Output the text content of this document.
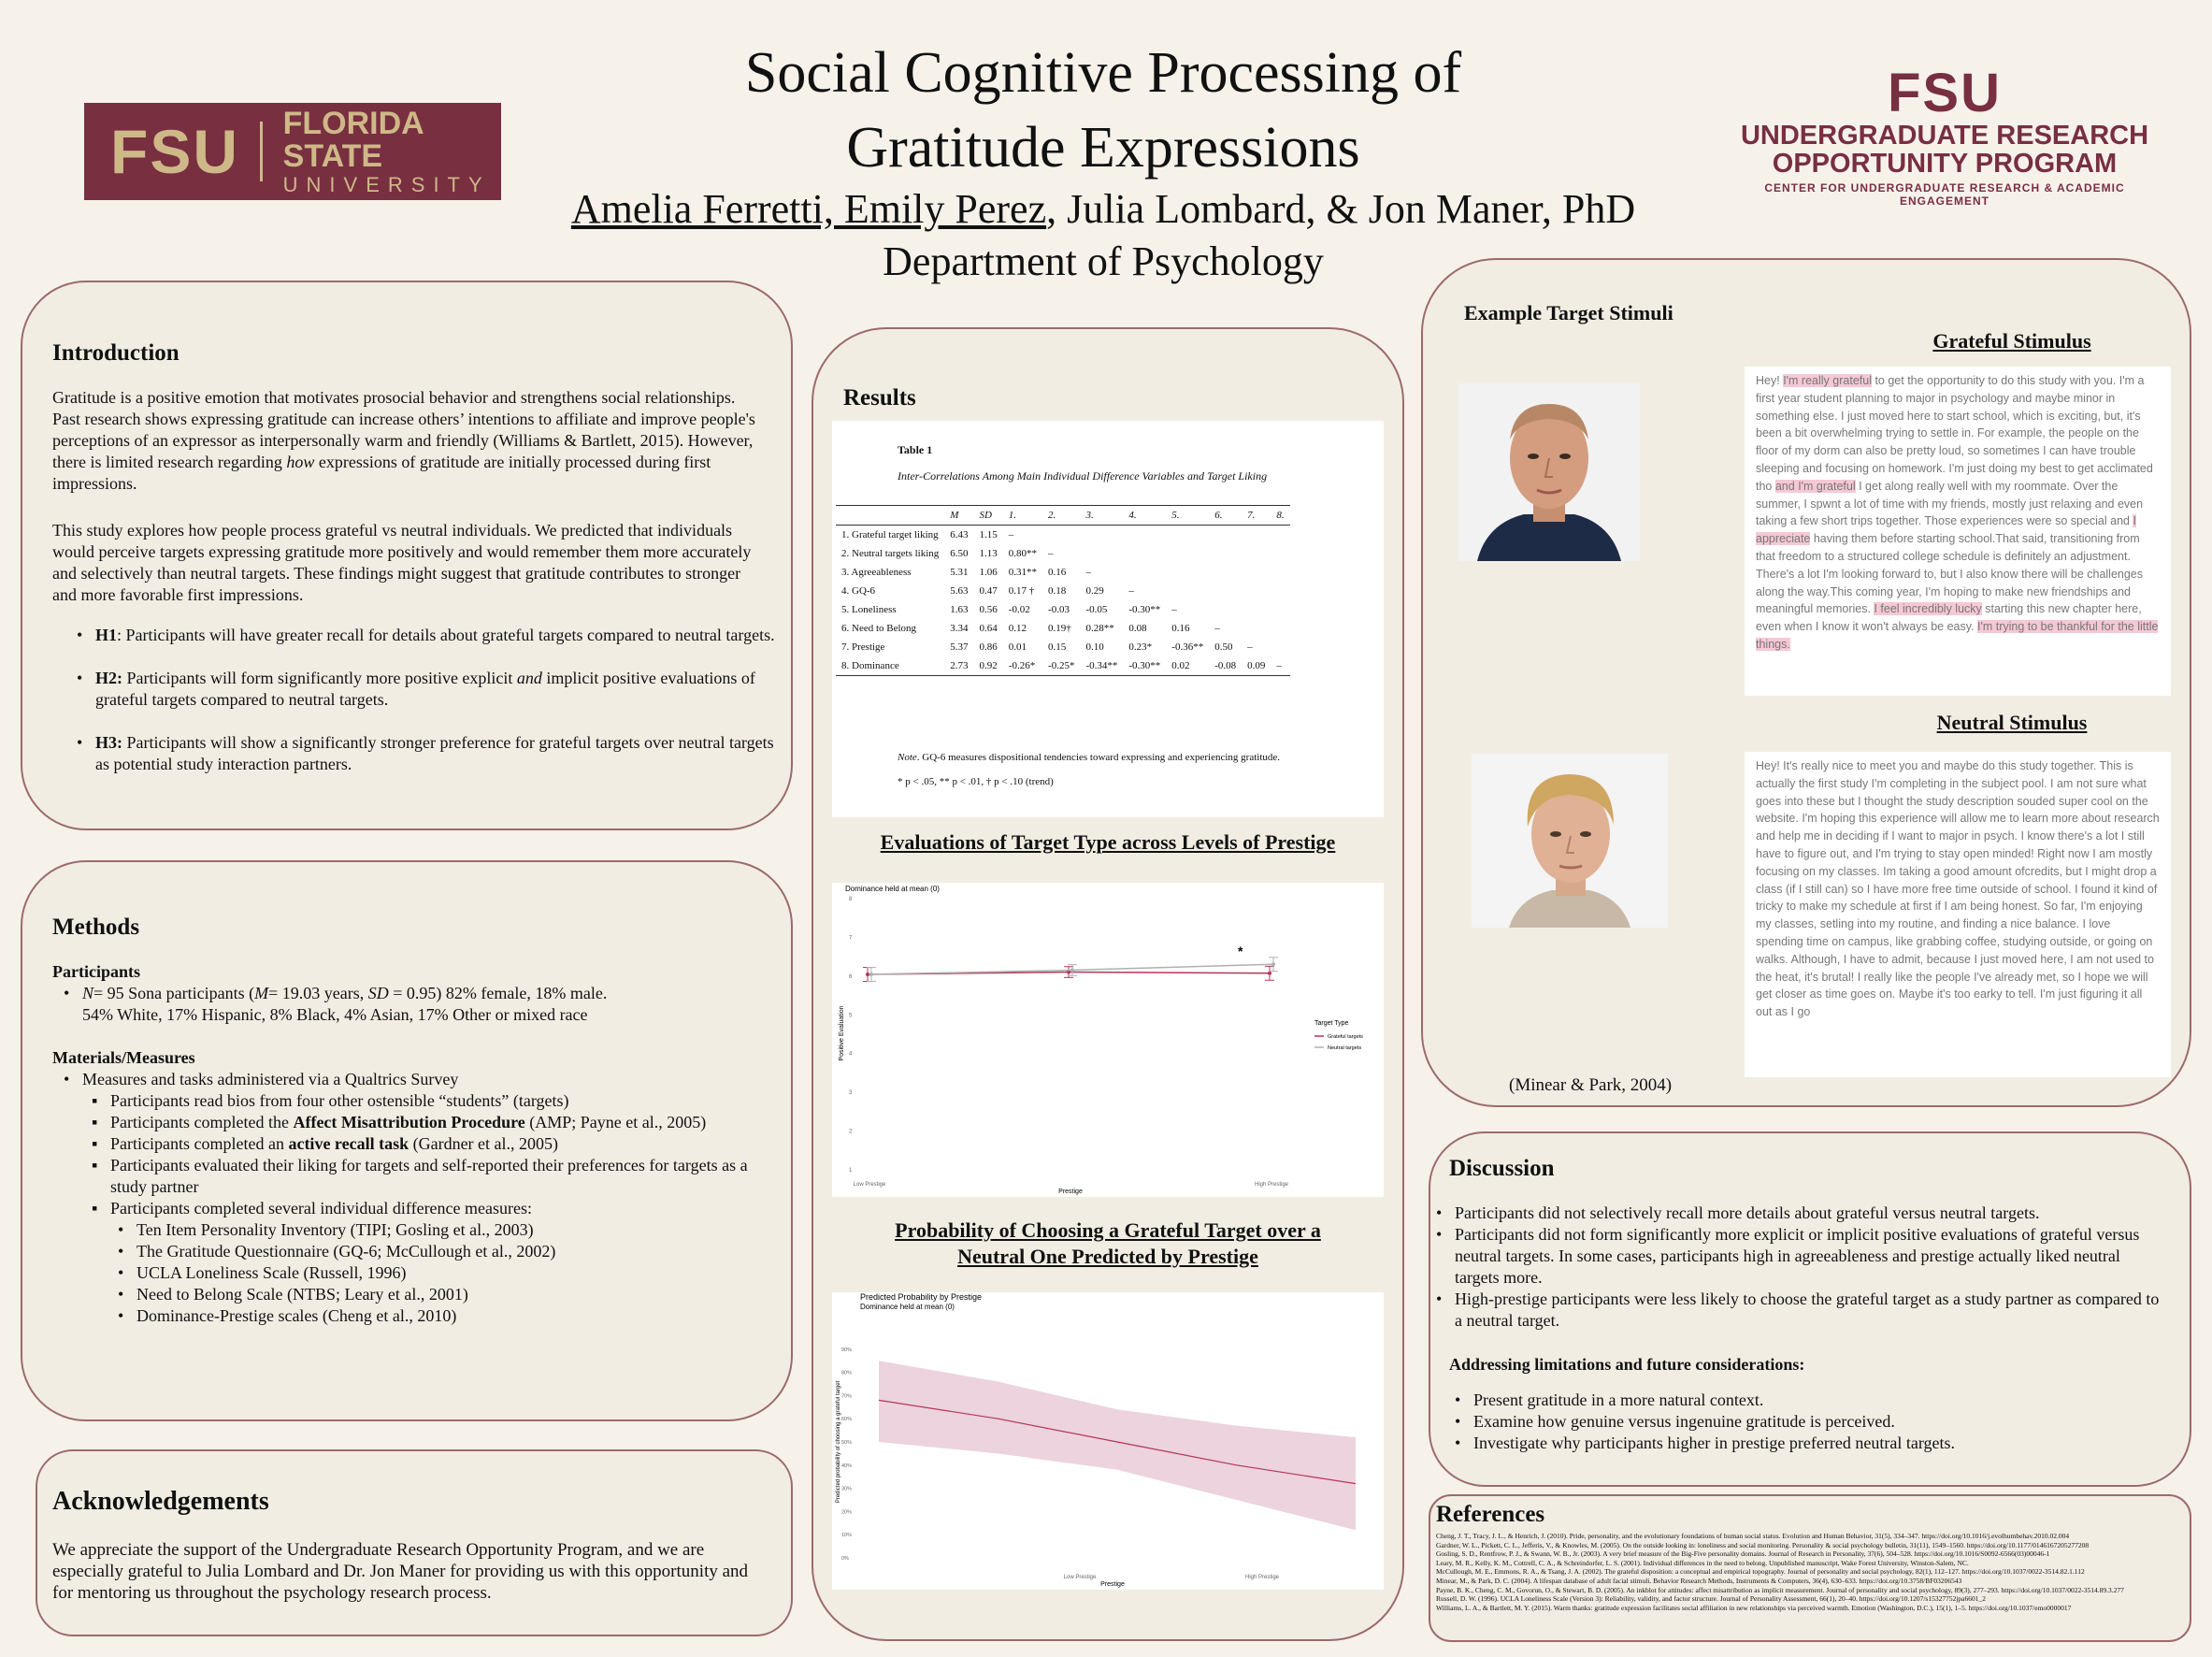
Social Cognitive Processing of
Gratitude Expressions
Amelia Ferretti, Emily Perez, Julia Lombard, & Jon Maner, PhD
Department of Psychology
FSU FLORIDA STATE
UNIVERSITY
FSU
UNDERGRADUATE RESEARCH
OPPORTUNITY PROGRAM
CENTER FOR UNDERGRADUATE RESEARCH & ACADEMIC ENGAGEMENT
Introduction

Gratitude is a positive emotion that motivates prosocial behavior and strengthens social relationships. Past research shows expressing gratitude can increase others’ intentions to affiliate and improve people's perceptions of an expressor as interpersonally warm and friendly (Williams & Bartlett, 2015). However, there is limited research regarding how expressions of gratitude are initially processed during first impressions.

This study explores how people process grateful vs neutral individuals. We predicted that individuals would perceive targets expressing gratitude more positively and would remember them more accurately and selectively than neutral targets. These findings might suggest that gratitude contributes to stronger and more favorable first impressions.

• H1: Participants will have greater recall for details about grateful targets compared to neutral targets.
• H2: Participants will form significantly more positive explicit and implicit positive evaluations of grateful targets compared to neutral targets.
• H3: Participants will show a significantly stronger preference for grateful targets over neutral targets as potential study interaction partners.
Methods
Participants
• N= 95 Sona participants (M= 19.03 years, SD = 0.95) 82% female, 18% male.
54% White, 17% Hispanic, 8% Black, 4% Asian, 17% Other or mixed race
Materials/Measures
• Measures and tasks administered via a Qualtrics Survey
▪ Participants read bios from four other ostensible “students” (targets)
▪ Participants completed the Affect Misattribution Procedure (AMP; Payne et al., 2005)
▪ Participants completed an active recall task (Gardner et al., 2005)
▪ Participants evaluated their liking for targets and self-reported their preferences for targets as a study partner
▪ Participants completed several individual difference measures:
• Ten Item Personality Inventory (TIPI; Gosling et al., 2003)
• The Gratitude Questionnaire (GQ-6; McCullough et al., 2002)
• UCLA Loneliness Scale (Russell, 1996)
• Need to Belong Scale (NTBS; Leary et al., 2001)
• Dominance-Prestige scales (Cheng et al., 2010)
Acknowledgements

We appreciate the support of the Undergraduate Research Opportunity Program, and we are especially grateful to Julia Lombard and Dr. Jon Maner for providing us with this opportunity and for mentoring us throughout the psychology research process.

Results
Table 1
Inter-Correlations Among Main Individual Difference Variables and Target Liking
	M	SD	1.	2.	3.	4.	5.	6.	7.	8.
1. Grateful target liking	6.43	1.15	–							
2. Neutral targets liking	6.50	1.13	0.80**	–						
3. Agreeableness	5.31	1.06	0.31**	0.16	–					
4. GQ-6	5.63	0.47	0.17 †	0.18	0.29	–				
5. Loneliness	1.63	0.56	-0.02	-0.03	-0.05	-0.30**	–			
6. Need to Belong	3.34	0.64	0.12	0.19†	0.28**	0.08	0.16	–		
7. Prestige	5.37	0.86	0.01	0.15	0.10	0.23*	-0.36**	0.50	–	
8. Dominance	2.73	0.92	-0.26*	-0.25*	-0.34**	-0.30**	0.02	-0.08	0.09	–
Note. GQ-6 measures dispositional tendencies toward expressing and experiencing gratitude.
* p < .05, ** p < .01, † p < .10 (trend)
Evaluations of Target Type across Levels of Prestige
Dominance held at mean (0)
1
2
3
4
5
6
7
8
Low Prestige	High Prestige
Prestige
Positive Evaluation
*
Target Type
Grateful targets
Neutral targets
Probability of Choosing a Grateful Target over a
Neutral One Predicted by Prestige
Predicted Probability by Prestige
Dominance held at mean (0)
0%
10%
20%
30%
40%
50%
60%
70%
80%
90%
Low Prestige	High Prestige
Prestige
Predicted probability of choosing a grateful target
Example Target Stimuli
Grateful Stimulus
Hey! I'm really grateful to get the opportunity to do this study with you. I'm a first year student planning to major in psychology and maybe minor in something else. I just moved here to start school, which is exciting, but, it's been a bit overwhelming trying to settle in. For example, the people on the floor of my dorm can also be pretty loud, so sometimes I can have trouble sleeping and focusing on homework. I'm just doing my best to get acclimated tho and I'm grateful I get along really well with my roommate. Over the summer, I spwnt a lot of time with my friends, mostly just relaxing and even taking a few short trips together. Those experiences were so special and I appreciate having them before starting school.That said, transitioning from that freedom to a structured college schedule is definitely an adjustment. There's a lot I'm looking forward to, but I also know there will be challenges along the way.This coming year, I'm hoping to make new friendships and meaningful memories. I feel incredibly lucky starting this new chapter here, even when I know it won't always be easy. I'm trying to be thankful for the little things.
Neutral Stimulus
Hey! It's really nice to meet you and maybe do this study together. This is actually the first study I'm completing in the subject pool. I am not sure what goes into these but I thought the study description souded super cool on the website. I'm hoping this experience will allow me to learn more about research and help me in deciding if I want to major in psych. I know there's a lot I still have to figure out, and I'm trying to stay open minded! Right now I am mostly focusing on my classes. Im taking a good amount ofcredits, but I might drop a class (if I still can) so I have more free time outside of school. I found it kind of tricky to make my schedule at first if I am being honest. So far, I'm enjoying my classes, setling into my routine, and finding a nice balance. I love spending time on campus, like grabbing coffee, studying outside, or going on walks. Although, I have to admit, because I just moved here, I am not used to the heat, it's brutal! I really like the people I've already met, so I hope we will get closer as time goes on. Maybe it's too earky to tell. I'm just figuring it all out as I go
(Minear & Park, 2004)
Discussion
• Participants did not selectively recall more details about grateful versus neutral targets.
• Participants did not form significantly more explicit or implicit positive evaluations of grateful versus neutral targets. In some cases, participants high in agreeableness and prestige actually liked neutral targets more.
• High-prestige participants were less likely to choose the grateful target as a study partner as compared to a neutral target.
Addressing limitations and future considerations:
• Present gratitude in a more natural context.
• Examine how genuine versus ingenuine gratitude is perceived.
• Investigate why participants higher in prestige preferred neutral targets.
References
Cheng, J. T., Tracy, J. L., & Henrich, J. (2010). Pride, personality, and the evolutionary foundations of human social status. Evolution and Human Behavior, 31(5), 334–347. https://doi.org/10.1016/j.evolhumbehav.2010.02.004
Gardner, W. L., Pickett, C. L., Jefferis, V., & Knowles, M. (2005). On the outside looking in: loneliness and social monitoring. Personality & social psychology bulletin, 31(11), 1549–1560. https://doi.org/10.1177/0146167205277208
Gosling, S. D., Rentfrow, P. J., & Swann, W. B., Jr. (2003). A very brief measure of the Big-Five personality domains. Journal of Research in Personality, 37(6), 504–528. https://doi.org/10.1016/S0092-6566(03)00046-1
Leary, M. R., Kelly, K. M., Cottrell, C. A., & Schreindorfer, L. S. (2001). Individual differences in the need to belong. Unpublished manuscript, Wake Forest University, Winston-Salem, NC.
McCullough, M. E., Emmons, R. A., & Tsang, J. A. (2002). The grateful disposition: a conceptual and empirical topography. Journal of personality and social psychology, 82(1), 112–127. https://doi.org/10.1037/0022-3514.82.1.112
Minear, M., & Park, D. C. (2004). A lifespan database of adult facial stimuli. Behavior Research Methods, Instruments & Computers, 36(4), 630–633. https://doi.org/10.3758/BF03206543
Payne, B. K., Cheng, C. M., Govorun, O., & Stewart, B. D. (2005). An inkblot for attitudes: affect misattribution as implicit measurement. Journal of personality and social psychology, 89(3), 277–293. https://doi.org/10.1037/0022-3514.89.3.277
Russell, D. W. (1996). UCLA Loneliness Scale (Version 3): Reliability, validity, and factor structure. Journal of Personality Assessment, 66(1), 20–40. https://doi.org/10.1207/s15327752jpa6601_2
Williams, L. A., & Bartlett, M. Y. (2015). Warm thanks: gratitude expression facilitates social affiliation in new relationships via perceived warmth. Emotion (Washington, D.C.), 15(1), 1–5. https://doi.org/10.1037/emo0000017
